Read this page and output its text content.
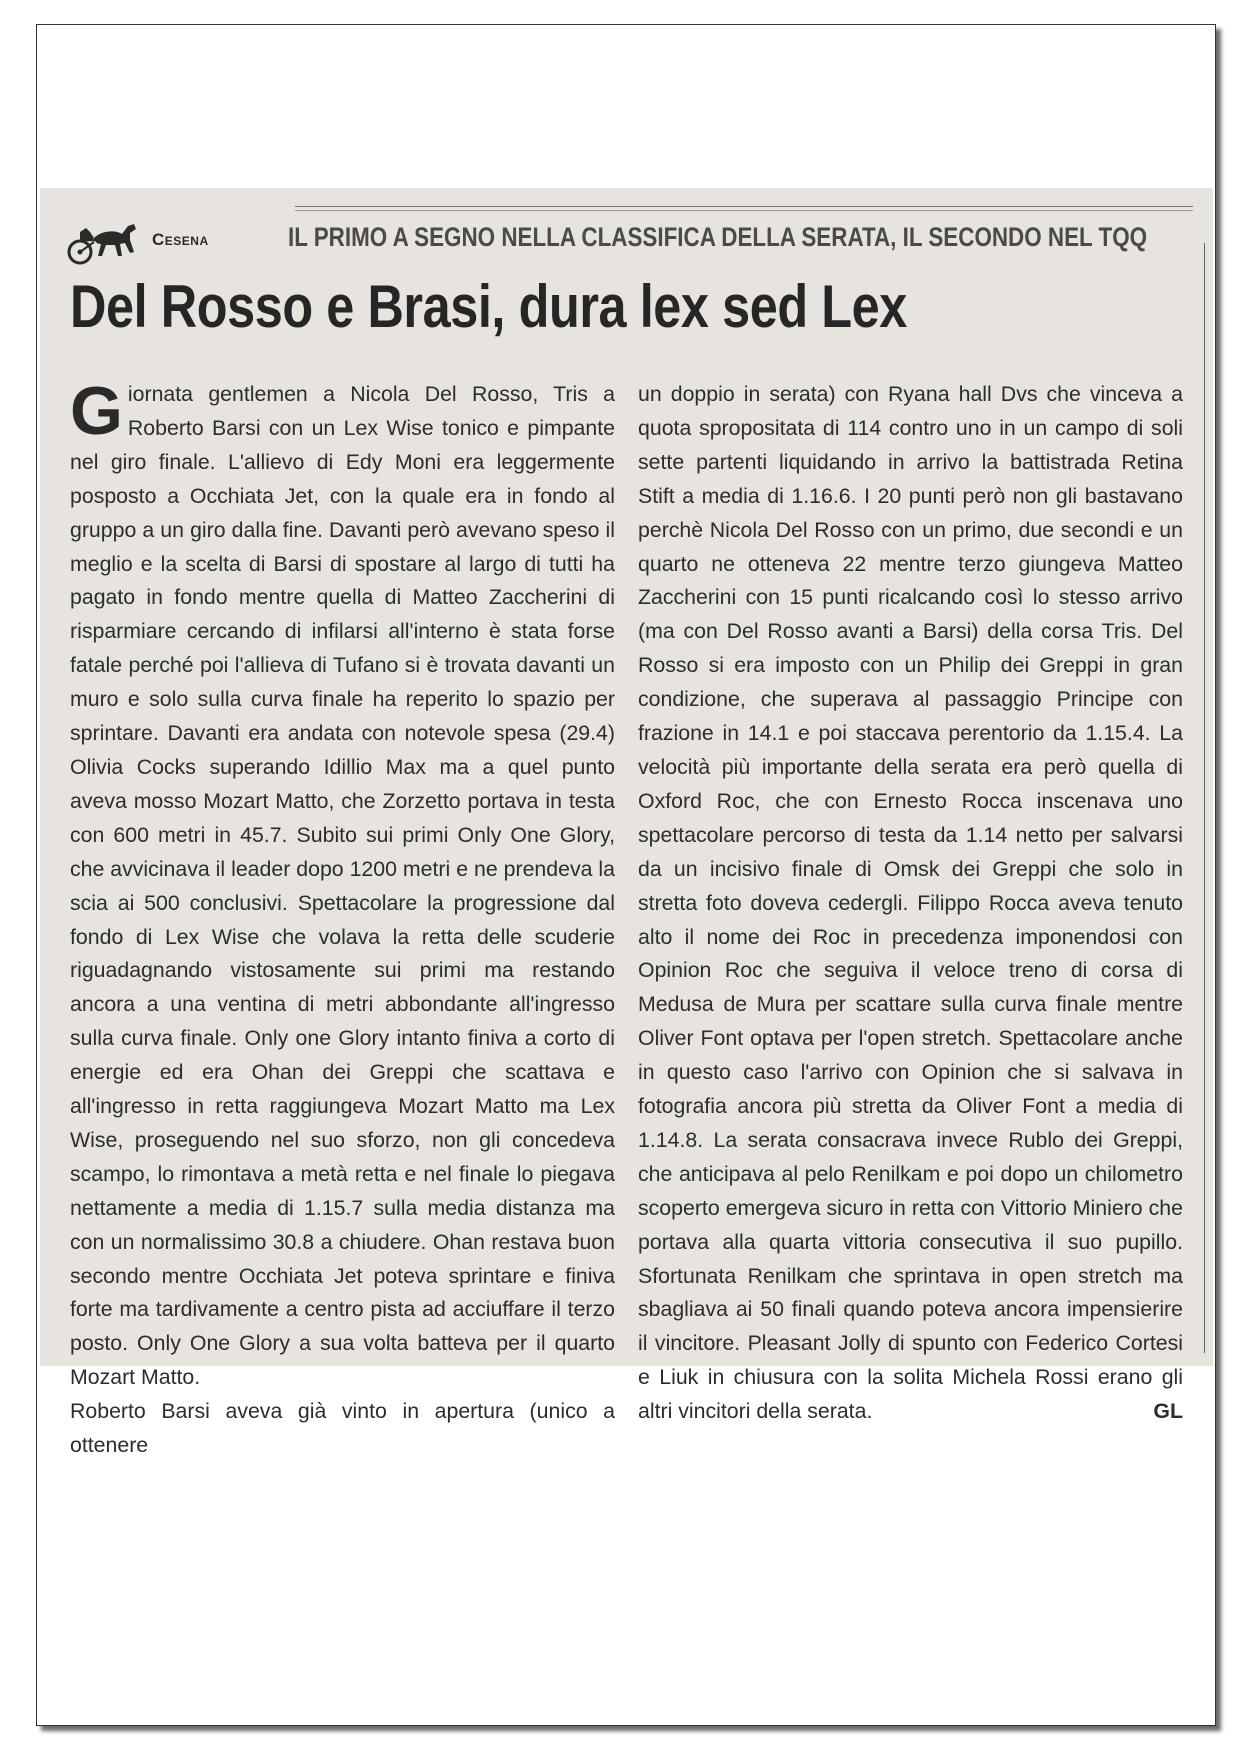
Cesena	IL PRIMO A SEGNO NELLA CLASSIFICA DELLA SERATA, IL SECONDO NEL TQQ
Del Rosso e Brasi, dura lex sed Lex

Giornata gentlemen a Nicola Del Rosso, Tris a Roberto Barsi con un Lex Wise tonico e pimpante nel giro finale. L'allievo di Edy Moni era leggermente posposto a Occhiata Jet, con la quale era in fondo al gruppo a un giro dalla fine. Davanti però avevano speso il meglio e la scelta di Barsi di spostare al largo di tutti ha pagato in fondo mentre quella di Matteo Zaccherini di risparmiare cercando di infilarsi all'interno è stata forse fatale perché poi l'allieva di Tufano si è trovata davanti un muro e solo sulla curva finale ha reperito lo spazio per sprintare. Davanti era andata con notevole spesa (29.4) Olivia Cocks superando Idillio Max ma a quel punto aveva mosso Mozart Matto, che Zorzetto portava in testa con 600 metri in 45.7. Subito sui primi Only One Glory, che avvicinava il leader dopo 1200 metri e ne prendeva la scia ai 500 conclusivi. Spettacolare la progressione dal fondo di Lex Wise che volava la retta delle scuderie riguadagnando vistosamente sui primi ma restando ancora a una ventina di metri abbondante all'ingresso sulla curva finale. Only one Glory intanto finiva a corto di energie ed era Ohan dei Greppi che scattava e all'ingresso in retta raggiungeva Mozart Matto ma Lex Wise, proseguendo nel suo sforzo, non gli concedeva scampo, lo rimontava a metà retta e nel finale lo piegava nettamente a media di 1.15.7 sulla media distanza ma con un normalissimo 30.8 a chiudere. Ohan restava buon secondo mentre Occhiata Jet poteva sprintare e finiva forte ma tardivamente a centro pista ad acciuffare il terzo posto. Only One Glory a sua volta batteva per il quarto Mozart Matto.

Roberto Barsi aveva già vinto in apertura (unico a ottenere

un doppio in serata) con Ryana hall Dvs che vinceva a quota spropositata di 114 contro uno in un campo di soli sette partenti liquidando in arrivo la battistrada Retina Stift a media di 1.16.6. I 20 punti però non gli bastavano perchè Nicola Del Rosso con un primo, due secondi e un quarto ne otteneva 22 mentre terzo giungeva Matteo Zaccherini con 15 punti ricalcando così lo stesso arrivo (ma con Del Rosso avanti a Barsi) della corsa Tris. Del Rosso si era imposto con un Philip dei Greppi in gran condizione, che superava al passaggio Principe con frazione in 14.1 e poi staccava perentorio da 1.15.4. La velocità più importante della serata era però quella di Oxford Roc, che con Ernesto Rocca inscenava uno spettacolare percorso di testa da 1.14 netto per salvarsi da un incisivo finale di Omsk dei Greppi che solo in stretta foto doveva cedergli. Filippo Rocca aveva tenuto alto il nome dei Roc in precedenza imponendosi con Opinion Roc che seguiva il veloce treno di corsa di Medusa de Mura per scattare sulla curva finale mentre Oliver Font optava per l'open stretch. Spettacolare anche in questo caso l'arrivo con Opinion che si salvava in fotografia ancora più stretta da Oliver Font a media di 1.14.8. La serata consacrava invece Rublo dei Greppi, che anticipava al pelo Renilkam e poi dopo un chilometro scoperto emergeva sicuro in retta con Vittorio Miniero che portava alla quarta vittoria consecutiva il suo pupillo. Sfortunata Renilkam che sprintava in open stretch ma sbagliava ai 50 finali quando poteva ancora impensierire il vincitore. Pleasant Jolly di spunto con Federico Cortesi e Liuk in chiusura con la solita Michela Rossi erano gli altri vincitori della serata.	GL
